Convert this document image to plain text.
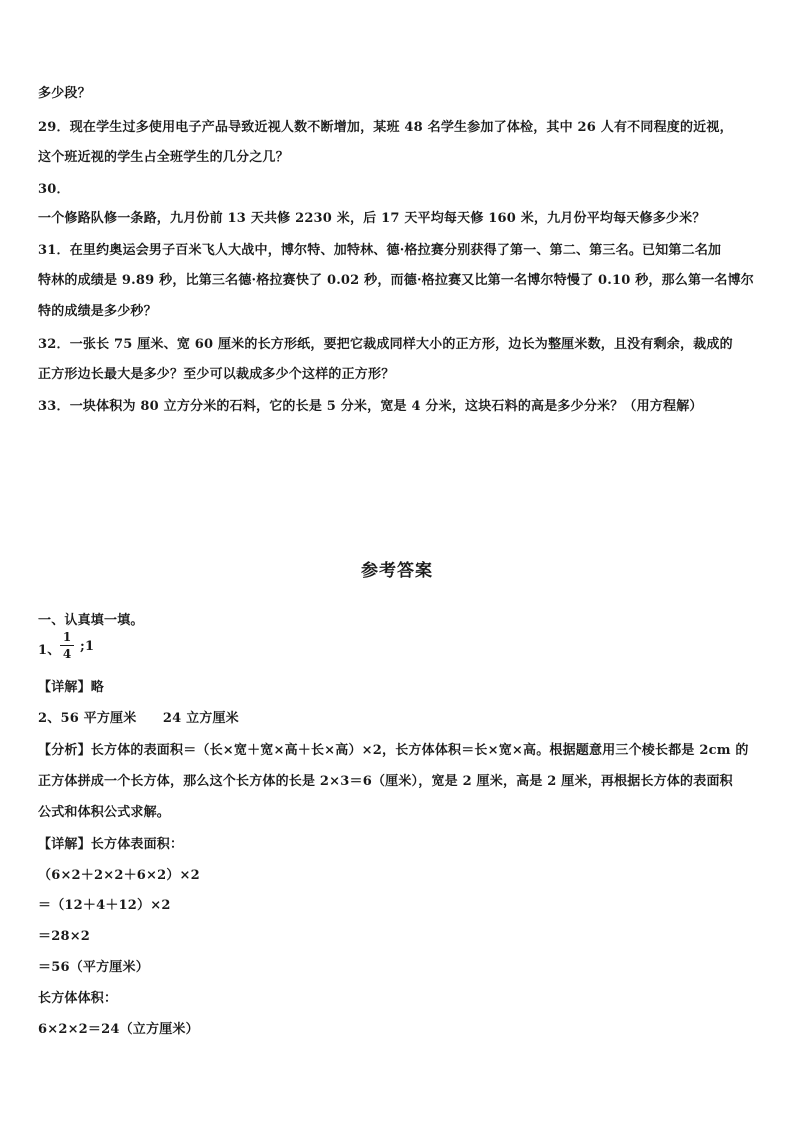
多少段？
29．现在学生过多使用电子产品导致近视人数不断增加，某班 48 名学生参加了体检，其中 26 人有不同程度的近视，
这个班近视的学生占全班学生的几分之几？
30．
一个修路队修一条路，九月份前 13 天共修 2230 米，后 17 天平均每天修 160 米，九月份平均每天修多少米？
31．在里约奥运会男子百米飞人大战中，博尔特、加特林、德·格拉赛分别获得了第一、第二、第三名。已知第二名加
特林的成绩是 9.89 秒，比第三名德·格拉赛快了 0.02 秒，而德·格拉赛又比第一名博尔特慢了 0.10 秒，那么第一名博尔
特的成绩是多少秒？
32．一张长 75 厘米、宽 60 厘米的长方形纸，要把它裁成同样大小的正方形，边长为整厘米数，且没有剩余，裁成的
正方形边长最大是多少？至少可以裁成多少个这样的正方形？
33．一块体积为 80 立方分米的石料，它的长是 5 分米，宽是 4 分米，这块石料的高是多少分米？（用方程解）
参考答案
一、认真填一填。
1、
1
4 ;1
【详解】略
2、56 平方厘米　　24 立方厘米
【分析】长方体的表面积＝（长×宽＋宽×高＋长×高）×2，长方体体积＝长×宽×高。根据题意用三个棱长都是 2cm 的
正方体拼成一个长方体，那么这个长方体的长是 2×3＝6（厘米），宽是 2 厘米，高是 2 厘米，再根据长方体的表面积
公式和体积公式求解。
【详解】长方体表面积：
（6×2＋2×2＋6×2）×2
＝（12＋4＋12）×2
＝28×2
＝56（平方厘米）
长方体体积：
6×2×2＝24（立方厘米）
